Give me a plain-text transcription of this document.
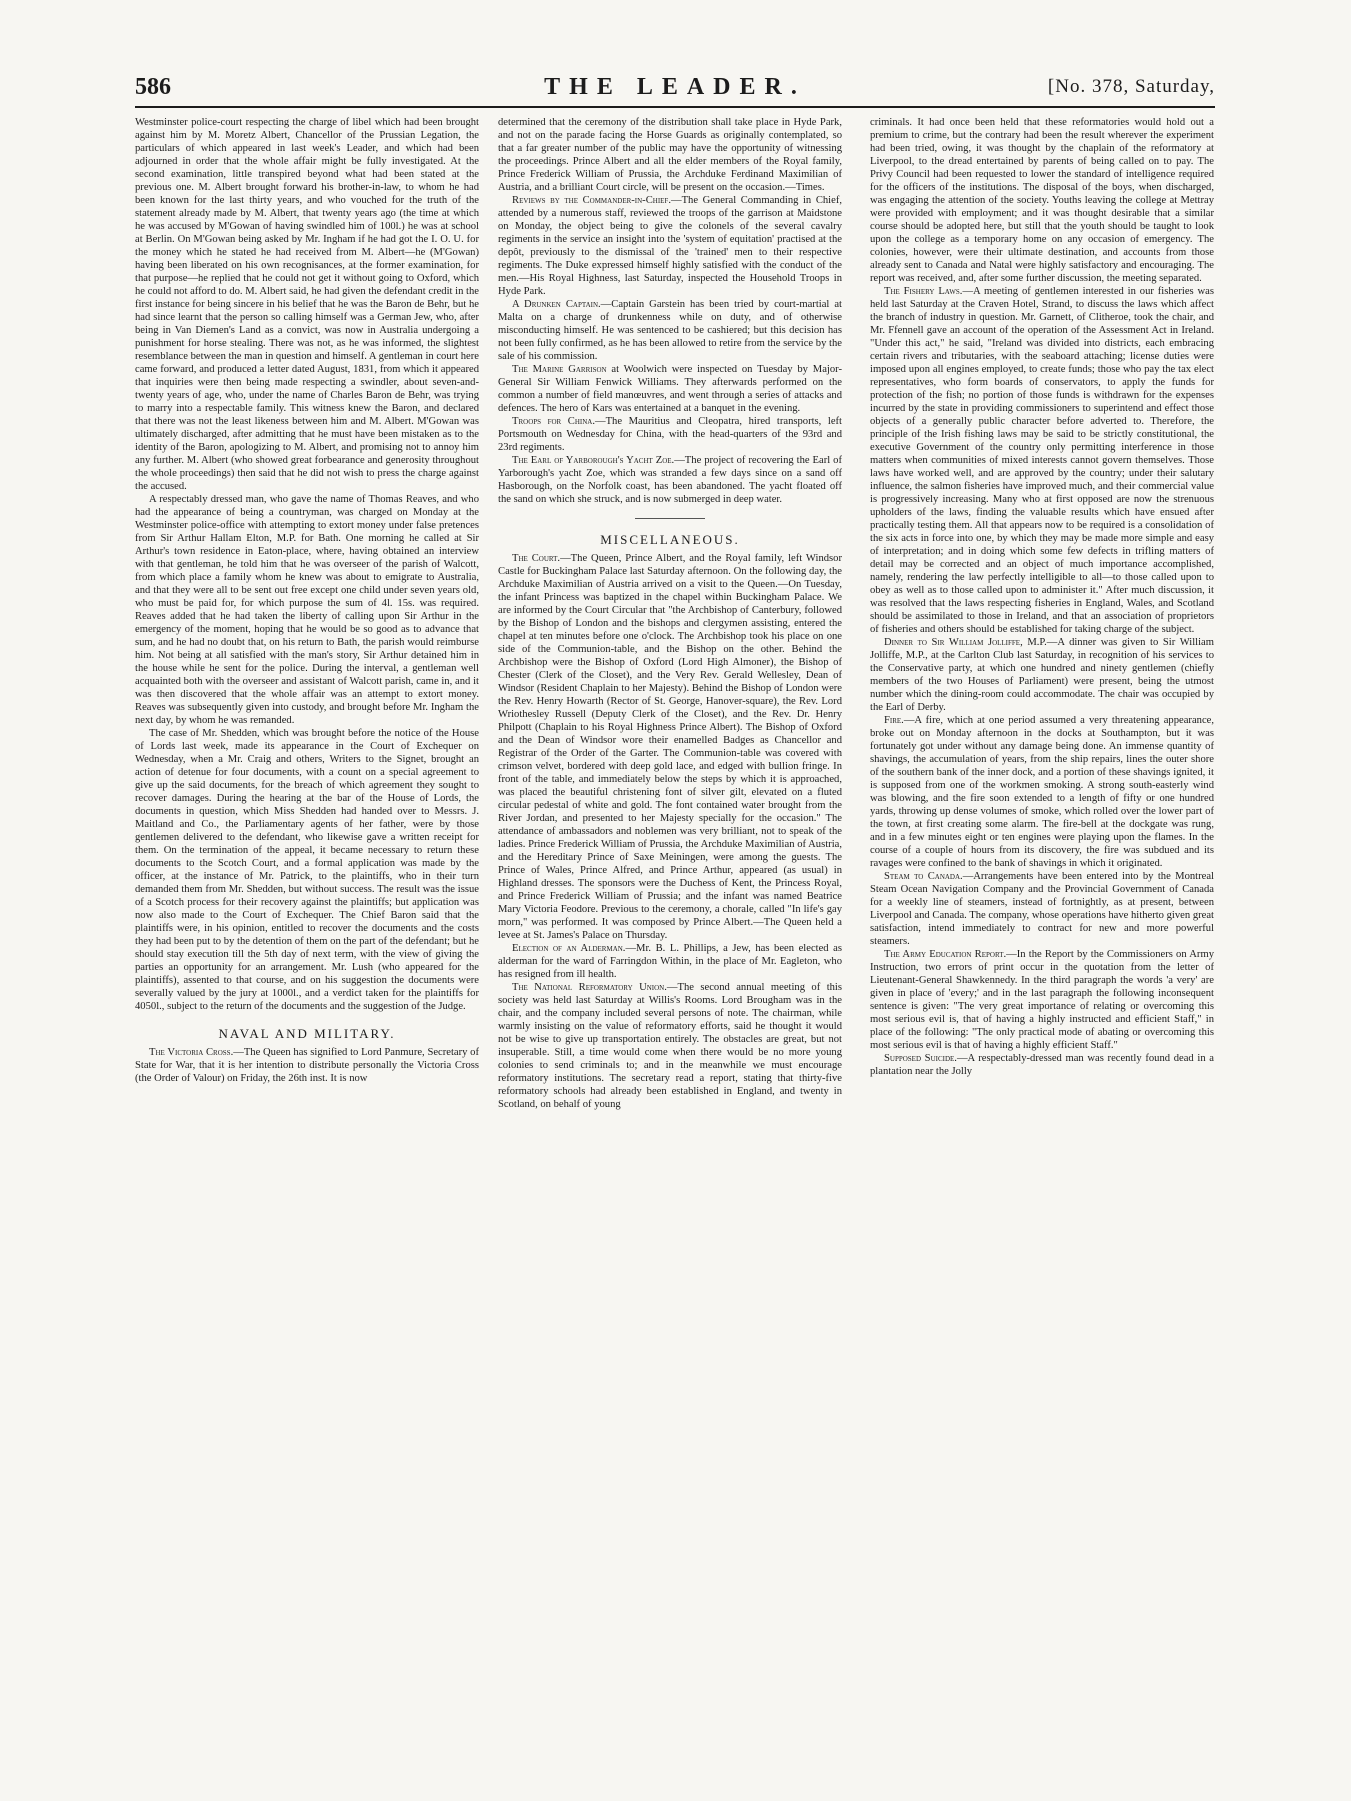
586	THE LEADER.	[No. 378, Saturday,

Westminster police-court respecting the charge of libel which had been brought against him by M. Moretz Albert, Chancellor of the Prussian Legation, the particulars of which appeared in last week's Leader, and which had been adjourned in order that the whole affair might be fully investigated. At the second examination, little transpired beyond what had been stated at the previous one. M. Albert brought forward his brother-in-law, to whom he had been known for the last thirty years, and who vouched for the truth of the statement already made by M. Albert, that twenty years ago (the time at which he was accused by M'Gowan of having swindled him of 100l.) he was at school at Berlin. On M'Gowan being asked by Mr. Ingham if he had got the I. O. U. for the money which he stated he had received from M. Albert—he (M'Gowan) having been liberated on his own recognisances, at the former examination, for that purpose—he replied that he could not get it without going to Oxford, which he could not afford to do. M. Albert said, he had given the defendant credit in the first instance for being sincere in his belief that he was the Baron de Behr, but he had since learnt that the person so calling himself was a German Jew, who, after being in Van Diemen's Land as a convict, was now in Australia undergoing a punishment for horse stealing. There was not, as he was informed, the slightest resemblance between the man in question and himself. A gentleman in court here came forward, and produced a letter dated August, 1831, from which it appeared that inquiries were then being made respecting a swindler, about seven-and-twenty years of age, who, under the name of Charles Baron de Behr, was trying to marry into a respectable family. This witness knew the Baron, and declared that there was not the least likeness between him and M. Albert. M'Gowan was ultimately discharged, after admitting that he must have been mistaken as to the identity of the Baron, apologizing to M. Albert, and promising not to annoy him any further. M. Albert (who showed great forbearance and generosity throughout the whole proceedings) then said that he did not wish to press the charge against the accused.

A respectably dressed man, who gave the name of Thomas Reaves, and who had the appearance of being a countryman, was charged on Monday at the Westminster police-office with attempting to extort money under false pretences from Sir Arthur Hallam Elton, M.P. for Bath. One morning he called at Sir Arthur's town residence in Eaton-place, where, having obtained an interview with that gentleman, he told him that he was overseer of the parish of Walcott, from which place a family whom he knew was about to emigrate to Australia, and that they were all to be sent out free except one child under seven years old, who must be paid for, for which purpose the sum of 4l. 15s. was required. Reaves added that he had taken the liberty of calling upon Sir Arthur in the emergency of the moment, hoping that he would be so good as to advance that sum, and he had no doubt that, on his return to Bath, the parish would reimburse him. Not being at all satisfied with the man's story, Sir Arthur detained him in the house while he sent for the police. During the interval, a gentleman well acquainted both with the overseer and assistant of Walcott parish, came in, and it was then discovered that the whole affair was an attempt to extort money. Reaves was subsequently given into custody, and brought before Mr. Ingham the next day, by whom he was remanded.

The case of Mr. Shedden, which was brought before the notice of the House of Lords last week, made its appearance in the Court of Exchequer on Wednesday, when a Mr. Craig and others, Writers to the Signet, brought an action of detenue for four documents, with a count on a special agreement to give up the said documents, for the breach of which agreement they sought to recover damages. During the hearing at the bar of the House of Lords, the documents in question, which Miss Shedden had handed over to Messrs. J. Maitland and Co., the Parliamentary agents of her father, were by those gentlemen delivered to the defendant, who likewise gave a written receipt for them. On the termination of the appeal, it became necessary to return these documents to the Scotch Court, and a formal application was made by the officer, at the instance of Mr. Patrick, to the plaintiffs, who in their turn demanded them from Mr. Shedden, but without success. The result was the issue of a Scotch process for their recovery against the plaintiffs; but application was now also made to the Court of Exchequer. The Chief Baron said that the plaintiffs were, in his opinion, entitled to recover the documents and the costs they had been put to by the detention of them on the part of the defendant; but he should stay execution till the 5th day of next term, with the view of giving the parties an opportunity for an arrangement. Mr. Lush (who appeared for the plaintiffs), assented to that course, and on his suggestion the documents were severally valued by the jury at 1000l., and a verdict taken for the plaintiffs for 4050l., subject to the return of the documents and the suggestion of the Judge.

NAVAL AND MILITARY.

The Victoria Cross.—The Queen has signified to Lord Panmure, Secretary of State for War, that it is her intention to distribute personally the Victoria Cross (the Order of Valour) on Friday, the 26th inst. It is now

determined that the ceremony of the distribution shall take place in Hyde Park, and not on the parade facing the Horse Guards as originally contemplated, so that a far greater number of the public may have the opportunity of witnessing the proceedings. Prince Albert and all the elder members of the Royal family, Prince Frederick William of Prussia, the Archduke Ferdinand Maximilian of Austria, and a brilliant Court circle, will be present on the occasion.—Times.

Reviews by the Commander-in-Chief.—The General Commanding in Chief, attended by a numerous staff, reviewed the troops of the garrison at Maidstone on Monday, the object being to give the colonels of the several cavalry regiments in the service an insight into the 'system of equitation' practised at the depôt, previously to the dismissal of the 'trained' men to their respective regiments. The Duke expressed himself highly satisfied with the conduct of the men.—His Royal Highness, last Saturday, inspected the Household Troops in Hyde Park.

A Drunken Captain.—Captain Garstein has been tried by court-martial at Malta on a charge of drunkenness while on duty, and of otherwise misconducting himself. He was sentenced to be cashiered; but this decision has not been fully confirmed, as he has been allowed to retire from the service by the sale of his commission.

The Marine Garrison at Woolwich were inspected on Tuesday by Major-General Sir William Fenwick Williams. They afterwards performed on the common a number of field manœuvres, and went through a series of attacks and defences. The hero of Kars was entertained at a banquet in the evening.

Troops for China.—The Mauritius and Cleopatra, hired transports, left Portsmouth on Wednesday for China, with the head-quarters of the 93rd and 23rd regiments.

The Earl of Yarborough's Yacht Zoe.—The project of recovering the Earl of Yarborough's yacht Zoe, which was stranded a few days since on a sand off Hasborough, on the Norfolk coast, has been abandoned. The yacht floated off the sand on which she struck, and is now submerged in deep water.

MISCELLANEOUS.

The Court.—The Queen, Prince Albert, and the Royal family, left Windsor Castle for Buckingham Palace last Saturday afternoon. On the following day, the Archduke Maximilian of Austria arrived on a visit to the Queen.—On Tuesday, the infant Princess was baptized in the chapel within Buckingham Palace. We are informed by the Court Circular that "the Archbishop of Canterbury, followed by the Bishop of London and the bishops and clergymen assisting, entered the chapel at ten minutes before one o'clock. The Archbishop took his place on one side of the Communion-table, and the Bishop on the other. Behind the Archbishop were the Bishop of Oxford (Lord High Almoner), the Bishop of Chester (Clerk of the Closet), and the Very Rev. Gerald Wellesley, Dean of Windsor (Resident Chaplain to her Majesty). Behind the Bishop of London were the Rev. Henry Howarth (Rector of St. George, Hanover-square), the Rev. Lord Wriothesley Russell (Deputy Clerk of the Closet), and the Rev. Dr. Henry Philpott (Chaplain to his Royal Highness Prince Albert). The Bishop of Oxford and the Dean of Windsor wore their enamelled Badges as Chancellor and Registrar of the Order of the Garter. The Communion-table was covered with crimson velvet, bordered with deep gold lace, and edged with bullion fringe. In front of the table, and immediately below the steps by which it is approached, was placed the beautiful christening font of silver gilt, elevated on a fluted circular pedestal of white and gold. The font contained water brought from the River Jordan, and presented to her Majesty specially for the occasion." The attendance of ambassadors and noblemen was very brilliant, not to speak of the ladies. Prince Frederick William of Prussia, the Archduke Maximilian of Austria, and the Hereditary Prince of Saxe Meiningen, were among the guests. The Prince of Wales, Prince Alfred, and Prince Arthur, appeared (as usual) in Highland dresses. The sponsors were the Duchess of Kent, the Princess Royal, and Prince Frederick William of Prussia; and the infant was named Beatrice Mary Victoria Feodore. Previous to the ceremony, a chorale, called "In life's gay morn," was performed. It was composed by Prince Albert.—The Queen held a levee at St. James's Palace on Thursday.

Election of an Alderman.—Mr. B. L. Phillips, a Jew, has been elected as alderman for the ward of Farringdon Within, in the place of Mr. Eagleton, who has resigned from ill health.

The National Reformatory Union.—The second annual meeting of this society was held last Saturday at Willis's Rooms. Lord Brougham was in the chair, and the company included several persons of note. The chairman, while warmly insisting on the value of reformatory efforts, said he thought it would not be wise to give up transportation entirely. The obstacles are great, but not insuperable. Still, a time would come when there would be no more young colonies to send criminals to; and in the meanwhile we must encourage reformatory institutions. The secretary read a report, stating that thirty-five reformatory schools had already been established in England, and twenty in Scotland, on behalf of young

criminals. It had once been held that these reformatories would hold out a premium to crime, but the contrary had been the result wherever the experiment had been tried, owing, it was thought by the chaplain of the reformatory at Liverpool, to the dread entertained by parents of being called on to pay. The Privy Council had been requested to lower the standard of intelligence required for the officers of the institutions. The disposal of the boys, when discharged, was engaging the attention of the society. Youths leaving the college at Mettray were provided with employment; and it was thought desirable that a similar course should be adopted here, but still that the youth should be taught to look upon the college as a temporary home on any occasion of emergency. The colonies, however, were their ultimate destination, and accounts from those already sent to Canada and Natal were highly satisfactory and encouraging. The report was received, and, after some further discussion, the meeting separated.

The Fishery Laws.—A meeting of gentlemen interested in our fisheries was held last Saturday at the Craven Hotel, Strand, to discuss the laws which affect the branch of industry in question. Mr. Garnett, of Clitheroe, took the chair, and Mr. Ffennell gave an account of the operation of the Assessment Act in Ireland. "Under this act," he said, "Ireland was divided into districts, each embracing certain rivers and tributaries, with the seaboard attaching; license duties were imposed upon all engines employed, to create funds; those who pay the tax elect representatives, who form boards of conservators, to apply the funds for protection of the fish; no portion of those funds is withdrawn for the expenses incurred by the state in providing commissioners to superintend and effect those objects of a generally public character before adverted to. Therefore, the principle of the Irish fishing laws may be said to be strictly constitutional, the executive Government of the country only permitting interference in those matters when communities of mixed interests cannot govern themselves. Those laws have worked well, and are approved by the country; under their salutary influence, the salmon fisheries have improved much, and their commercial value is progressively increasing. Many who at first opposed are now the strenuous upholders of the laws, finding the valuable results which have ensued after practically testing them. All that appears now to be required is a consolidation of the six acts in force into one, by which they may be made more simple and easy of interpretation; and in doing which some few defects in trifling matters of detail may be corrected and an object of much importance accomplished, namely, rendering the law perfectly intelligible to all—to those called upon to obey as well as to those called upon to administer it." After much discussion, it was resolved that the laws respecting fisheries in England, Wales, and Scotland should be assimilated to those in Ireland, and that an association of proprietors of fisheries and others should be established for taking charge of the subject.

Dinner to Sir William Jolliffe, M.P.—A dinner was given to Sir William Jolliffe, M.P., at the Carlton Club last Saturday, in recognition of his services to the Conservative party, at which one hundred and ninety gentlemen (chiefly members of the two Houses of Parliament) were present, being the utmost number which the dining-room could accommodate. The chair was occupied by the Earl of Derby.

Fire.—A fire, which at one period assumed a very threatening appearance, broke out on Monday afternoon in the docks at Southampton, but it was fortunately got under without any damage being done. An immense quantity of shavings, the accumulation of years, from the ship repairs, lines the outer shore of the southern bank of the inner dock, and a portion of these shavings ignited, it is supposed from one of the workmen smoking. A strong south-easterly wind was blowing, and the fire soon extended to a length of fifty or one hundred yards, throwing up dense volumes of smoke, which rolled over the lower part of the town, at first creating some alarm. The fire-bell at the dockgate was rung, and in a few minutes eight or ten engines were playing upon the flames. In the course of a couple of hours from its discovery, the fire was subdued and its ravages were confined to the bank of shavings in which it originated.

Steam to Canada.—Arrangements have been entered into by the Montreal Steam Ocean Navigation Company and the Provincial Government of Canada for a weekly line of steamers, instead of fortnightly, as at present, between Liverpool and Canada. The company, whose operations have hitherto given great satisfaction, intend immediately to contract for new and more powerful steamers.

The Army Education Report.—In the Report by the Commissioners on Army Instruction, two errors of print occur in the quotation from the letter of Lieutenant-General Shawkennedy. In the third paragraph the words 'a very' are given in place of 'every;' and in the last paragraph the following inconsequent sentence is given: "The very great importance of relating or overcoming this most serious evil is, that of having a highly instructed and efficient Staff," in place of the following: "The only practical mode of abating or overcoming this most serious evil is that of having a highly efficient Staff."

Supposed Suicide.—A respectably-dressed man was recently found dead in a plantation near the Jolly
